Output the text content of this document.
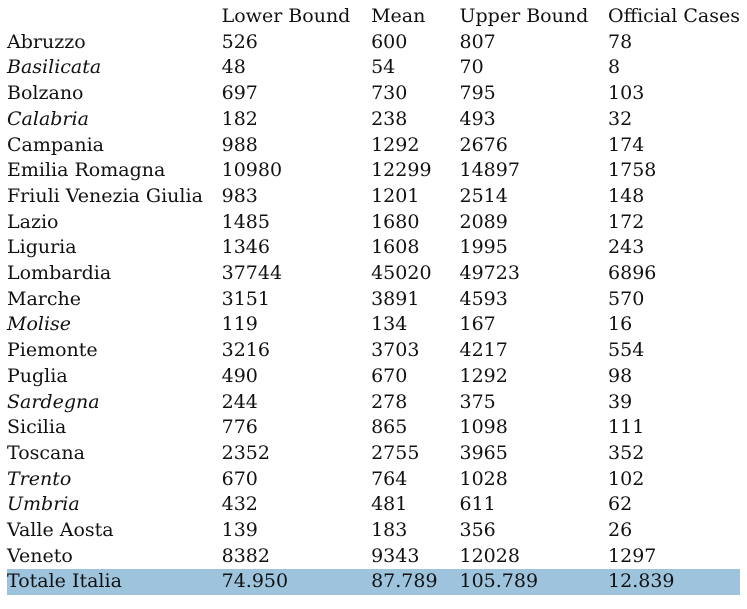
	Lower Bound	Mean	Upper Bound	Official Cases
Abruzzo	526	600	807	78
Basilicata	48	54	70	8
Bolzano	697	730	795	103
Calabria	182	238	493	32
Campania	988	1292	2676	174
Emilia Romagna	10980	12299	14897	1758
Friuli Venezia Giulia	983	1201	2514	148
Lazio	1485	1680	2089	172
Liguria	1346	1608	1995	243
Lombardia	37744	45020	49723	6896
Marche	3151	3891	4593	570
Molise	119	134	167	16
Piemonte	3216	3703	4217	554
Puglia	490	670	1292	98
Sardegna	244	278	375	39
Sicilia	776	865	1098	111
Toscana	2352	2755	3965	352
Trento	670	764	1028	102
Umbria	432	481	611	62
Valle Aosta	139	183	356	26
Veneto	8382	9343	12028	1297
Totale Italia	74.950	87.789	105.789	12.839
